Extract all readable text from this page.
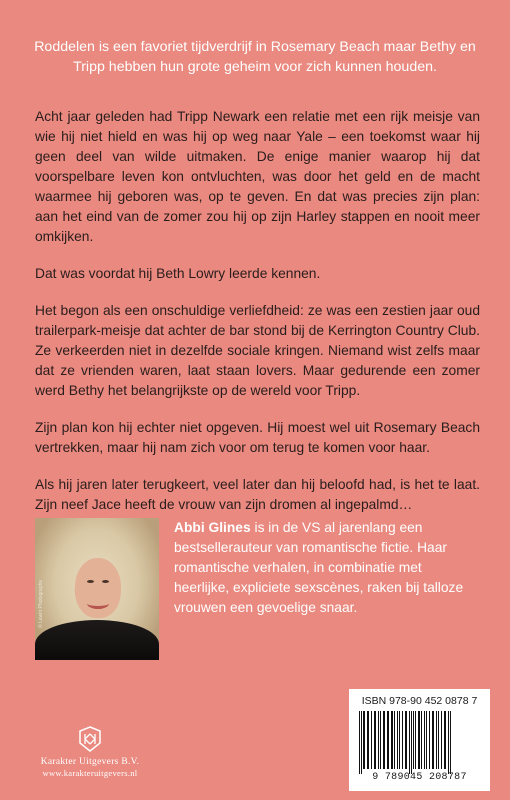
Roddelen is een favoriet tijdverdrijf in Rosemary Beach maar Bethy en Tripp hebben hun grote geheim voor zich kunnen houden.

Acht jaar geleden had Tripp Newark een relatie met een rijk meisje van wie hij niet hield en was hij op weg naar Yale – een toekomst waar hij geen deel van wilde uitmaken. De enige manier waarop hij dat voorspelbare leven kon ontvluchten, was door het geld en de macht waarmee hij geboren was, op te geven. En dat was precies zijn plan: aan het eind van de zomer zou hij op zijn Harley stappen en nooit meer omkijken.

Dat was voordat hij Beth Lowry leerde kennen.

Het begon als een onschuldige verliefdheid: ze was een zestien jaar oud trailerpark-meisje dat achter de bar stond bij de Kerrington Country Club. Ze verkeerden niet in dezelfde sociale kringen. Niemand wist zelfs maar dat ze vrienden waren, laat staan lovers. Maar gedurende een zomer werd Bethy het belangrijkste op de wereld voor Tripp.

Zijn plan kon hij echter niet opgeven. Hij moest wel uit Rosemary Beach vertrekken, maar hij nam zich voor om terug te komen voor haar.

Als hij jaren later terugkeert, veel later dan hij beloofd had, is het te laat. Zijn neef Jace heeft de vrouw van zijn dromen al ingepalmd…

© Lewin Photographs
Abbi Glines is in de VS al jarenlang een bestsellerauteur van romantische fictie. Haar romantische verhalen, in combinatie met heerlijke, expliciete sexscènes, raken bij talloze vrouwen een gevoelige snaar.
ISBN 978-90 452 0878 7
9 789045 208787
Karakter Uitgevers B.V.
www.karakteruitgevers.nl
